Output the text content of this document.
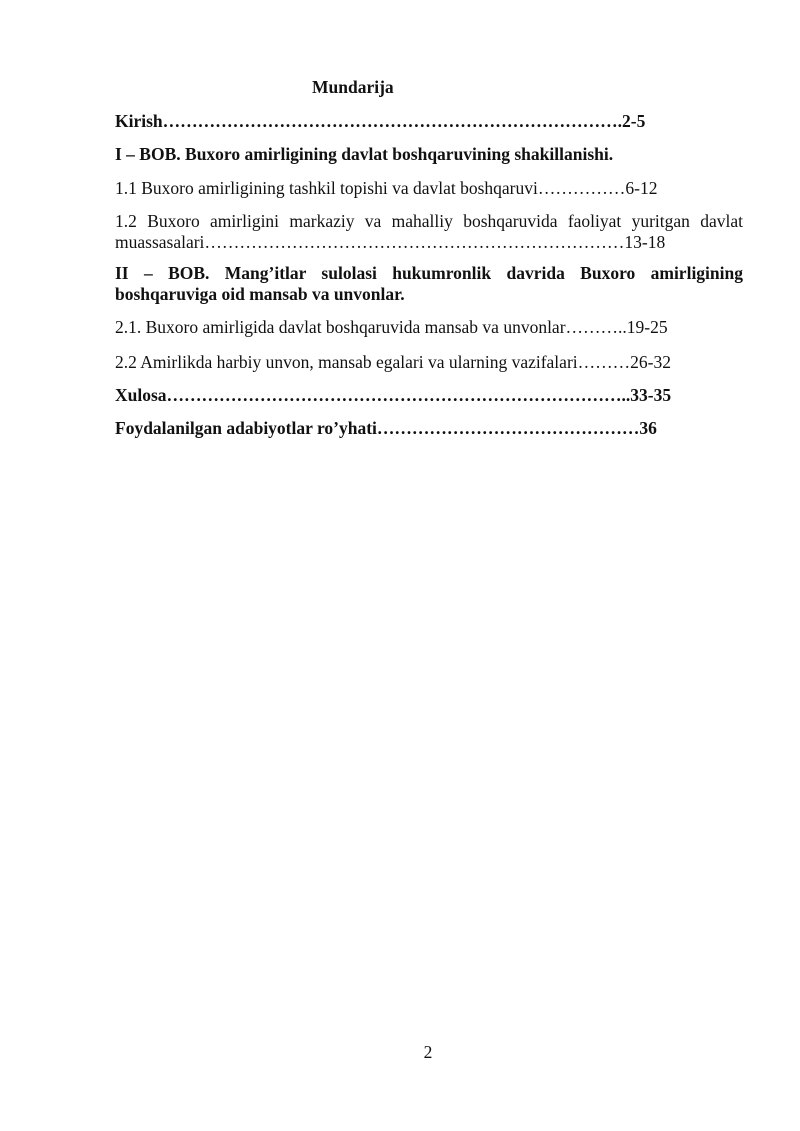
Mundarija

Kirish…………………………………………………………………….2-5

I – BOB. Buxoro amirligining davlat boshqaruvining shakillanishi.

1.1 Buxoro amirligining tashkil topishi va davlat boshqaruvi……………6-12

1.2 Buxoro amirligini markaziy va mahalliy boshqaruvida faoliyat yuritgan davlat muassasalari………………………………………………………………13-18

II – BOB. Mang’itlar sulolasi hukumronlik davrida Buxoro amirligining boshqaruviga oid mansab va unvonlar.

2.1. Buxoro amirligida davlat boshqaruvida mansab va unvonlar………..19-25

2.2 Amirlikda harbiy unvon, mansab egalari va ularning vazifalari………26-32

Xulosa……………………………………………………………………..33-35

Foydalanilgan adabiyotlar ro’yhati………………………………………36

2
